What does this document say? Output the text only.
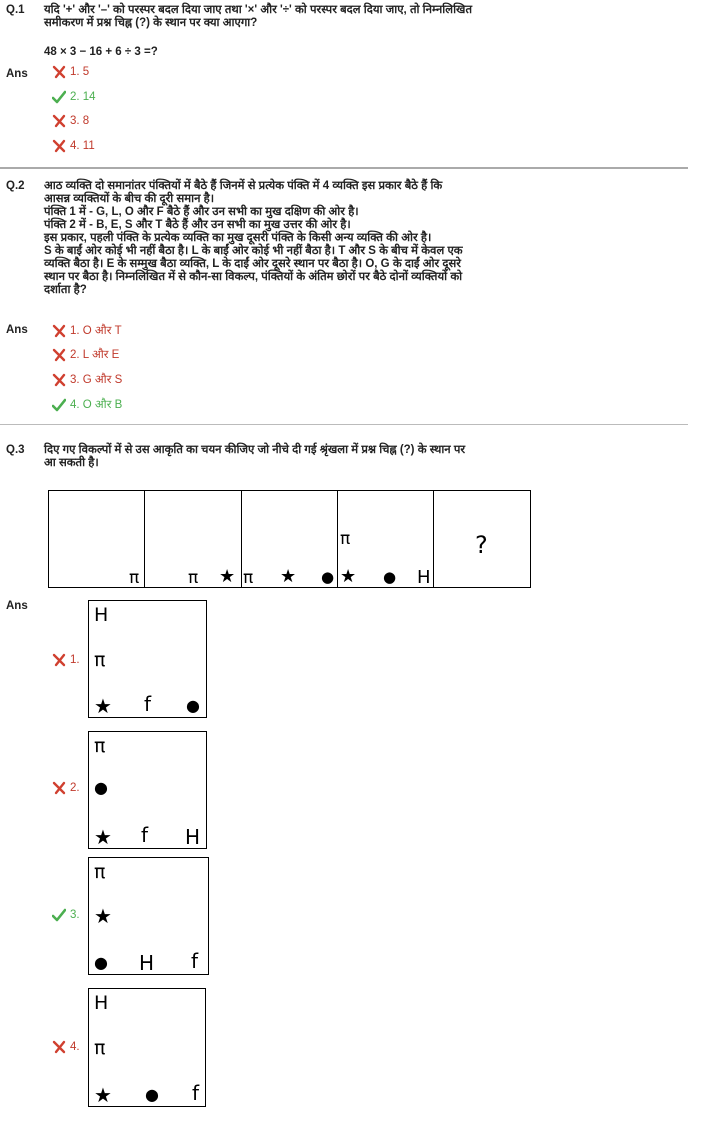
Q.1 यदि '+' और '–' को परस्पर बदल दिया जाए तथा '×' और '÷' को परस्पर बदल दिया जाए, तो निम्नलिखित
समीकरण में प्रश्न चिह्न (?) के स्थान पर क्या आएगा?
48 × 3 − 16 + 6 ÷ 3 =?
Ans	1. 5
2. 14
3. 8
4. 11
Q.2 आठ व्यक्ति दो समानांतर पंक्तियों में बैठे हैं जिनमें से प्रत्येक पंक्ति में 4 व्यक्ति इस प्रकार बैठे हैं कि
आसन्न व्यक्तियों के बीच की दूरी समान है।
पंक्ति 1 में - G, L, O और F बैठे हैं और उन सभी का मुख दक्षिण की ओर है।
पंक्ति 2 में - B, E, S और T बैठे हैं और उन सभी का मुख उत्तर की ओर है।
इस प्रकार, पहली पंक्ति के प्रत्येक व्यक्ति का मुख दूसरी पंक्ति के किसी अन्य व्यक्ति की ओर है।
S के बाईं ओर कोई भी नहीं बैठा है। L के बाईं ओर कोई भी नहीं बैठा है। T और S के बीच में केवल एक
व्यक्ति बैठा है। E के सम्मुख बैठा व्यक्ति, L के दाईं ओर दूसरे स्थान पर बैठा है। O, G के दाईं ओर दूसरे
स्थान पर बैठा है। निम्नलिखित में से कौन-सा विकल्प, पंक्तियों के अंतिम छोरों पर बैठे दोनों व्यक्तियों को
दर्शाता है?
Ans	1. O और T
2. L और E
3. G और S
4. O और B
Q.3 दिए गए विकल्पों में से उस आकृति का चयन कीजिए जो नीचे दी गई श्रृंखला में प्रश्न चिह्न (?) के स्थान पर
आ सकती है।
π	π ★ π ★ ●
π
★ ● H
?
Ans
1.
H
π
★ f ●
2.
π
●
★ f H
3.
π
★
● H f
4.
H
π
★ ● f
